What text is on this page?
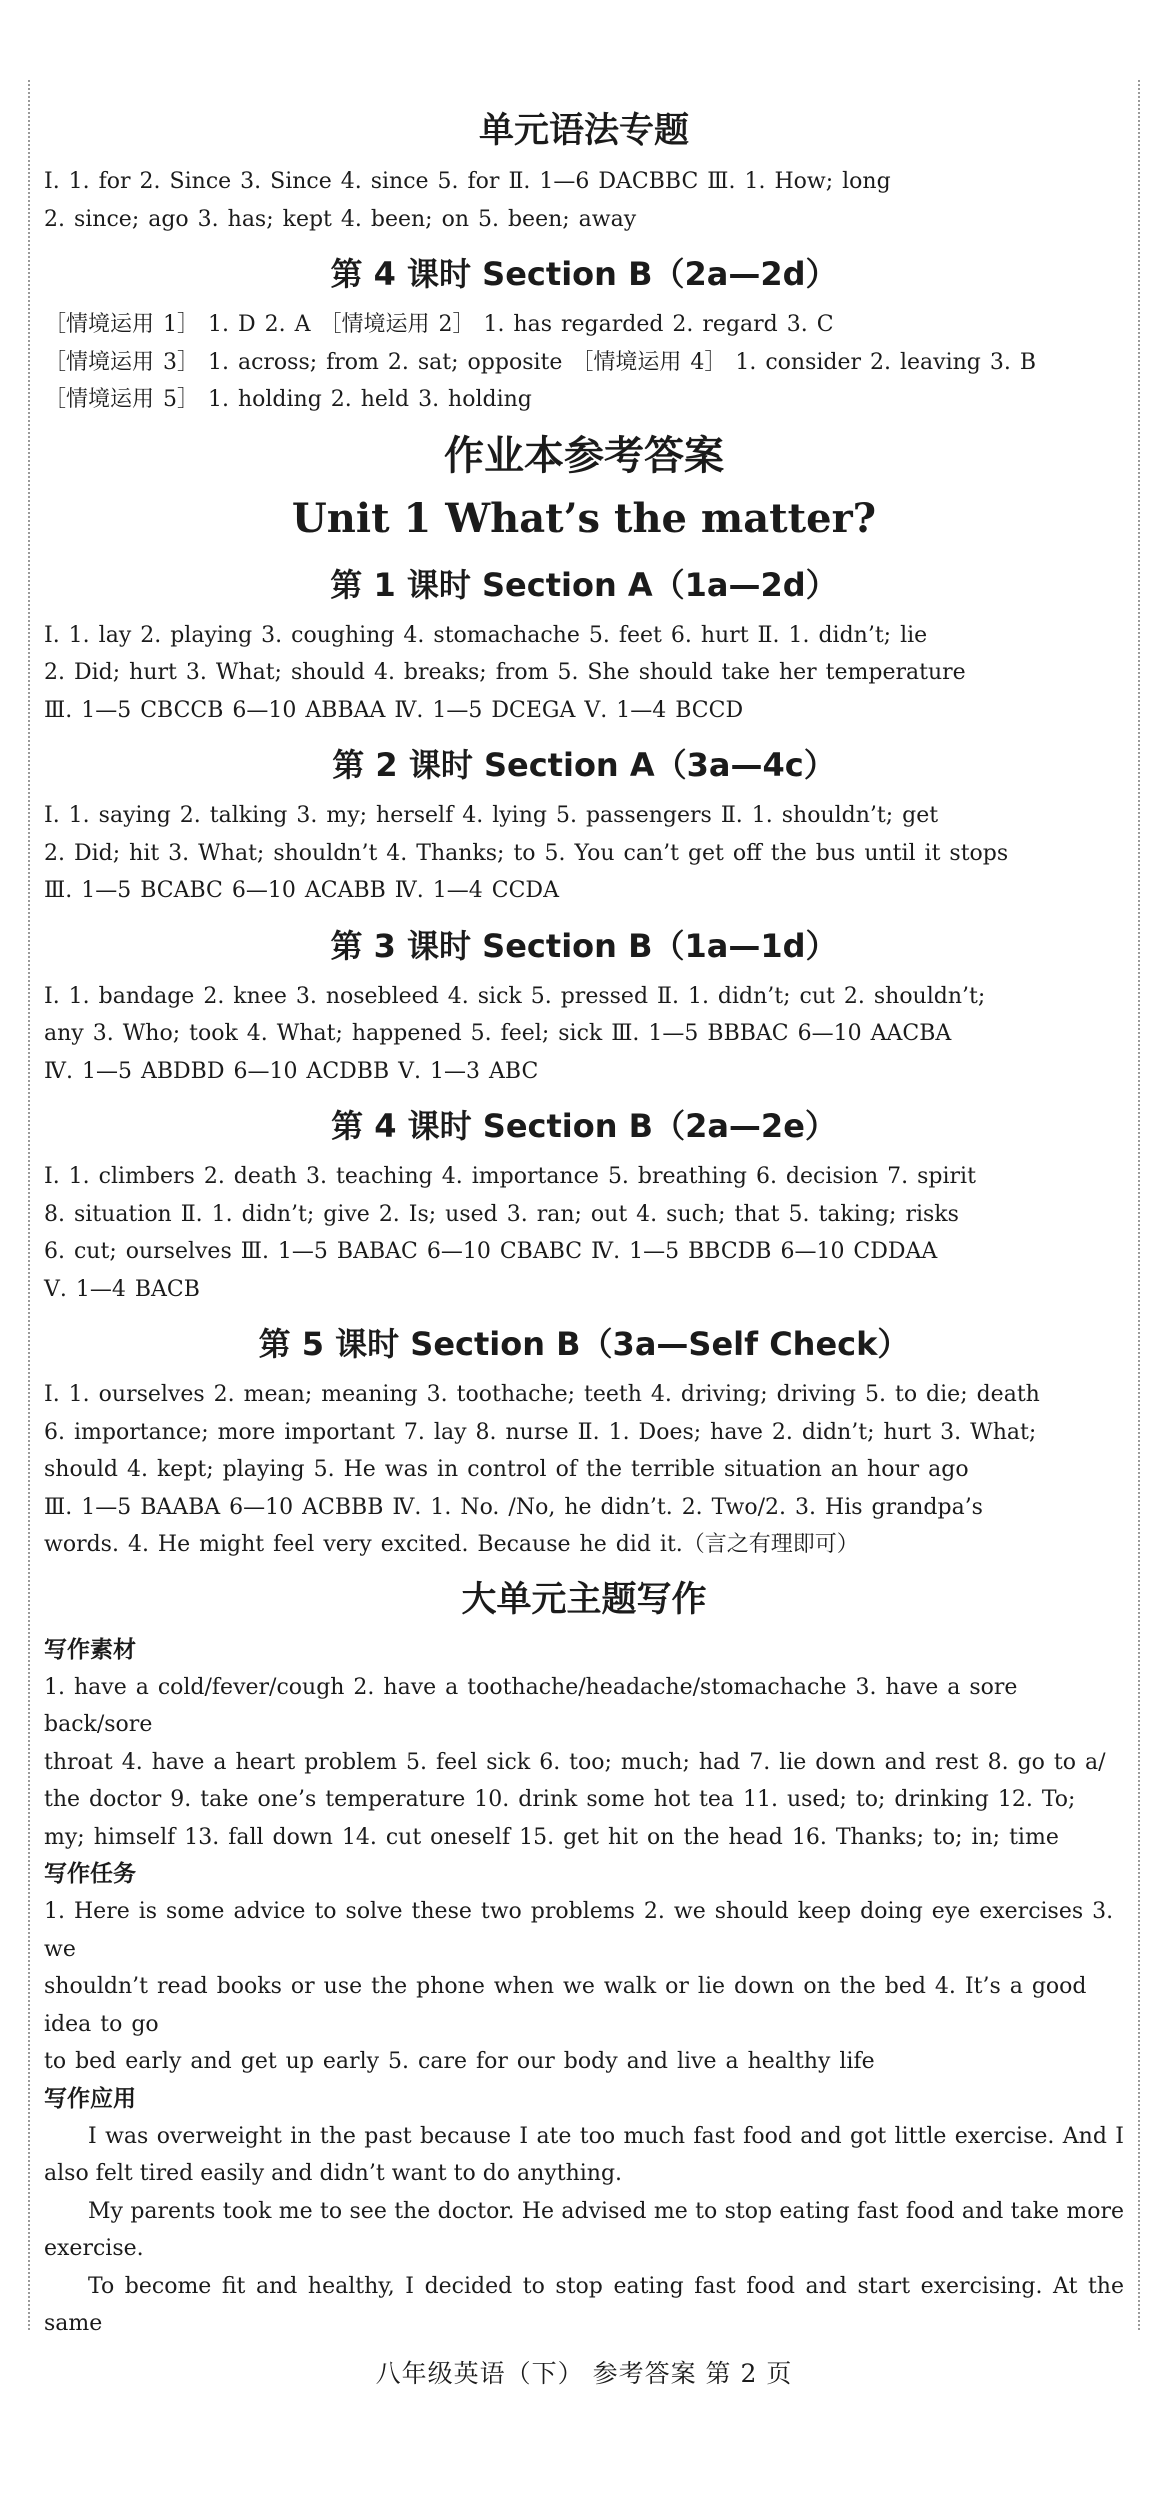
单元语法专题
Ⅰ. 1. for 2. Since 3. Since 4. since 5. for Ⅱ. 1—6 DACBBC Ⅲ. 1. How; long
2. since; ago 3. has; kept 4. been; on 5. been; away
第 4 课时 Section B（2a—2d）
［情境运用 1］ 1. D 2. A ［情境运用 2］ 1. has regarded 2. regard 3. C
［情境运用 3］ 1. across; from 2. sat; opposite ［情境运用 4］ 1. consider 2. leaving 3. B
［情境运用 5］ 1. holding 2. held 3. holding
作业本参考答案
Unit 1 What’s the matter?
第 1 课时 Section A（1a—2d）
Ⅰ. 1. lay 2. playing 3. coughing 4. stomachache 5. feet 6. hurt Ⅱ. 1. didn’t; lie
2. Did; hurt 3. What; should 4. breaks; from 5. She should take her temperature
Ⅲ. 1—5 CBCCB 6—10 ABBAA Ⅳ. 1—5 DCEGA Ⅴ. 1—4 BCCD
第 2 课时 Section A（3a—4c）
Ⅰ. 1. saying 2. talking 3. my; herself 4. lying 5. passengers Ⅱ. 1. shouldn’t; get
2. Did; hit 3. What; shouldn’t 4. Thanks; to 5. You can’t get off the bus until it stops
Ⅲ. 1—5 BCABC 6—10 ACABB Ⅳ. 1—4 CCDA
第 3 课时 Section B（1a—1d）
Ⅰ. 1. bandage 2. knee 3. nosebleed 4. sick 5. pressed Ⅱ. 1. didn’t; cut 2. shouldn’t;
any 3. Who; took 4. What; happened 5. feel; sick Ⅲ. 1—5 BBBAC 6—10 AACBA
Ⅳ. 1—5 ABDBD 6—10 ACDBB Ⅴ. 1—3 ABC
第 4 课时 Section B（2a—2e）
Ⅰ. 1. climbers 2. death 3. teaching 4. importance 5. breathing 6. decision 7. spirit
8. situation Ⅱ. 1. didn’t; give 2. Is; used 3. ran; out 4. such; that 5. taking; risks
6. cut; ourselves Ⅲ. 1—5 BABAC 6—10 CBABC Ⅳ. 1—5 BBCDB 6—10 CDDAA
Ⅴ. 1—4 BACB
第 5 课时 Section B（3a—Self Check）
Ⅰ. 1. ourselves 2. mean; meaning 3. toothache; teeth 4. driving; driving 5. to die; death
6. importance; more important 7. lay 8. nurse Ⅱ. 1. Does; have 2. didn’t; hurt 3. What;
should 4. kept; playing 5. He was in control of the terrible situation an hour ago
Ⅲ. 1—5 BAABA 6—10 ACBBB Ⅳ. 1. No. /No, he didn’t. 2. Two/2. 3. His grandpa’s
words. 4. He might feel very excited. Because he did it.（言之有理即可）
大单元主题写作
写作素材
1. have a cold/fever/cough 2. have a toothache/headache/stomachache 3. have a sore back/sore
throat 4. have a heart problem 5. feel sick 6. too; much; had 7. lie down and rest 8. go to a/
the doctor 9. take one’s temperature 10. drink some hot tea 11. used; to; drinking 12. To;
my; himself 13. fall down 14. cut oneself 15. get hit on the head 16. Thanks; to; in; time
写作任务
1. Here is some advice to solve these two problems 2. we should keep doing eye exercises 3. we
shouldn’t read books or use the phone when we walk or lie down on the bed 4. It’s a good idea to go
to bed early and get up early 5. care for our body and live a healthy life
写作应用

I was overweight in the past because I ate too much fast food and got little exercise. And I also felt tired easily and didn’t want to do anything.

My parents took me to see the doctor. He advised me to stop eating fast food and take more exercise.

To become fit and healthy, I decided to stop eating fast food and start exercising. At the same

八年级英语（下） 参考答案 第 2 页
